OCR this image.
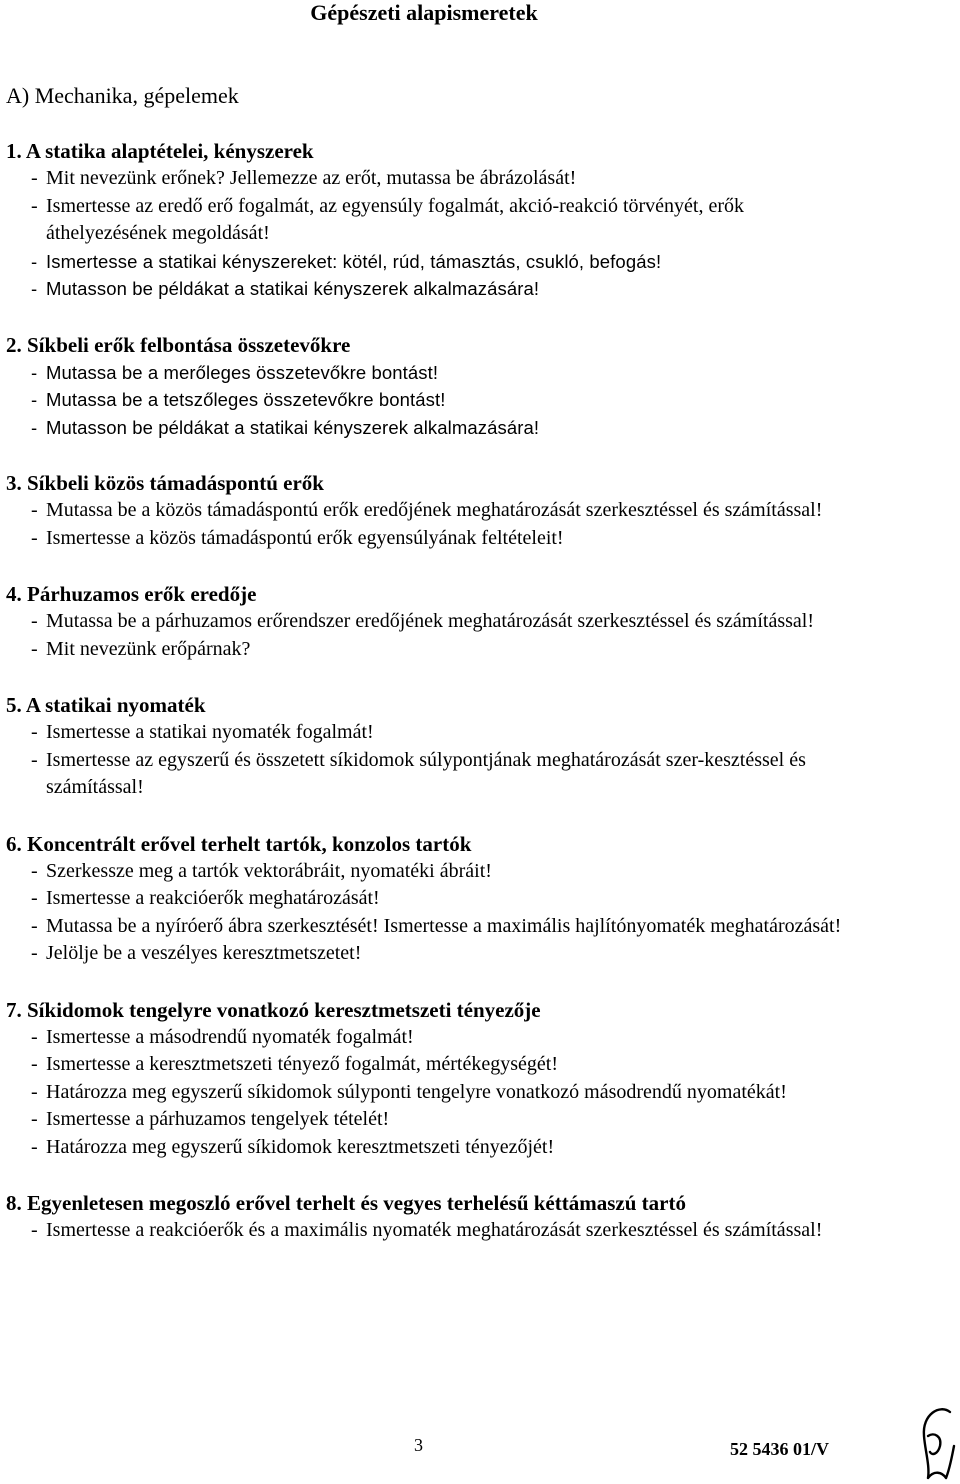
Gépészeti alapismeretek
A) Mechanika, gépelemek
1. A statika alaptételei, kényszerek
- Mit nevezünk erőnek? Jellemezze az erőt, mutassa be ábrázolását!
- Ismertesse az eredő erő fogalmát, az egyensúly fogalmát, akció-reakció törvényét, erők áthelyezésének megoldását!
- Ismertesse a statikai kényszereket: kötél, rúd, támasztás, csukló, befogás!
- Mutasson be példákat a statikai kényszerek alkalmazására!
2. Síkbeli erők felbontása összetevőkre
- Mutassa be a merőleges összetevőkre bontást!
- Mutassa be a tetszőleges összetevőkre bontást!
- Mutasson be példákat a statikai kényszerek alkalmazására!
3. Síkbeli közös támadáspontú erők
- Mutassa be a közös támadáspontú erők eredőjének meghatározását szerkesztéssel és számítással!
- Ismertesse a közös támadáspontú erők egyensúlyának feltételeit!
4. Párhuzamos erők eredője
- Mutassa be a párhuzamos erőrendszer eredőjének meghatározását szerkesztéssel és számítással!
- Mit nevezünk erőpárnak?
5. A statikai nyomaték
- Ismertesse a statikai nyomaték fogalmát!
- Ismertesse az egyszerű és összetett síkidomok súlypontjának meghatározását szer-kesztéssel és számítással!
6. Koncentrált erővel terhelt tartók, konzolos tartók
- Szerkessze meg a tartók vektorábráit, nyomatéki ábráit!
- Ismertesse a reakcióerők meghatározását!
- Mutassa be a nyíróerő ábra szerkesztését! Ismertesse a maximális hajlítónyomaték meghatározását!
- Jelölje be a veszélyes keresztmetszetet!
7. Síkidomok tengelyre vonatkozó keresztmetszeti tényezője
- Ismertesse a másodrendű nyomaték fogalmát!
- Ismertesse a keresztmetszeti tényező fogalmát, mértékegységét!
- Határozza meg egyszerű síkidomok súlyponti tengelyre vonatkozó másodrendű nyomatékát!
- Ismertesse a párhuzamos tengelyek tételét!
- Határozza meg egyszerű síkidomok keresztmetszeti tényezőjét!
8. Egyenletesen megoszló erővel terhelt és vegyes terhelésű kéttámaszú tartó
- Ismertesse a reakcióerők és a maximális nyomaték meghatározását szerkesztéssel és számítással!
3	52 5436 01/V
